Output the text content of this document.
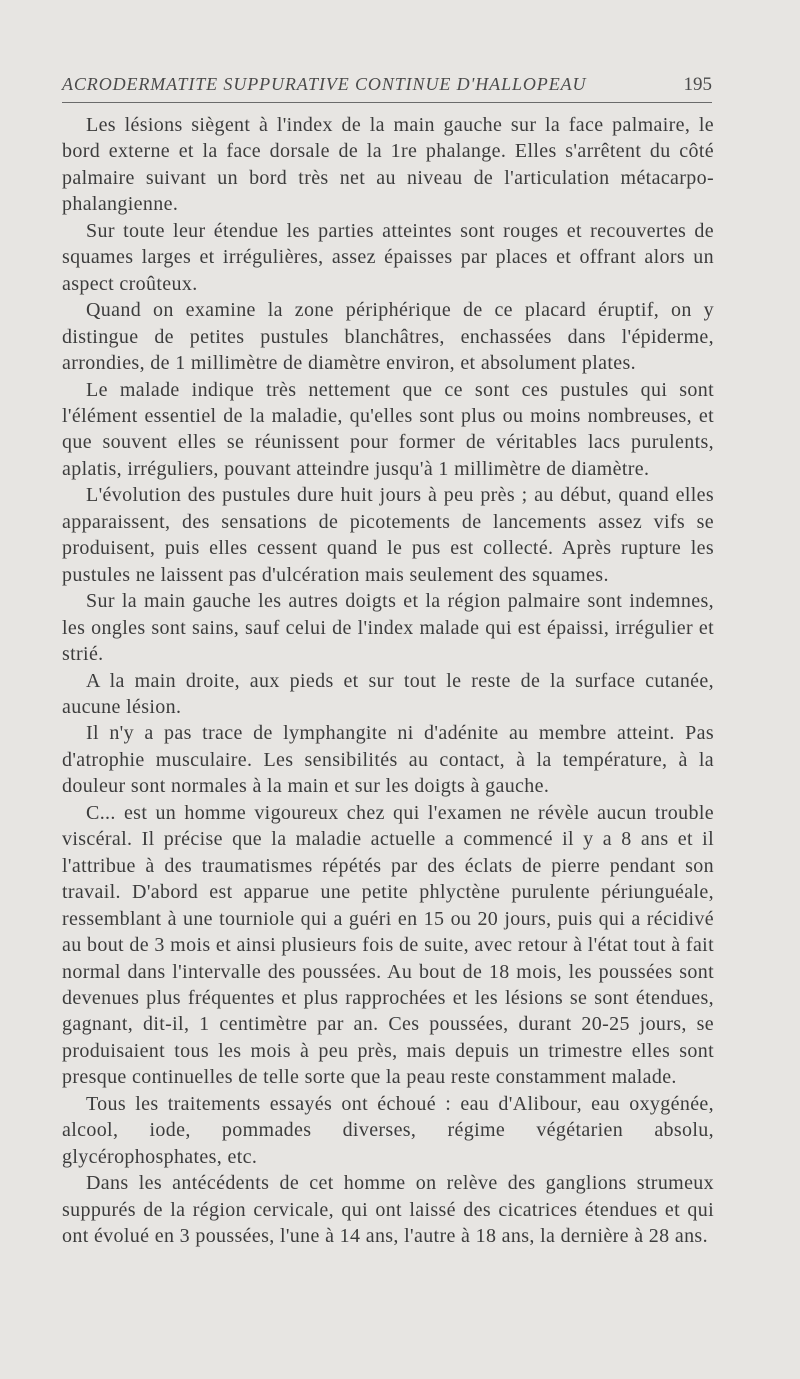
ACRODERMATITE SUPPURATIVE CONTINUE D'HALLOPEAU	195

Les lésions siègent à l'index de la main gauche sur la face palmaire, le bord externe et la face dorsale de la 1re phalange. Elles s'arrêtent du côté palmaire suivant un bord très net au niveau de l'articulation métacarpo-phalangienne.

Sur toute leur étendue les parties atteintes sont rouges et recouvertes de squames larges et irrégulières, assez épaisses par places et offrant alors un aspect croûteux.

Quand on examine la zone périphérique de ce placard éruptif, on y distingue de petites pustules blanchâtres, enchassées dans l'épiderme, arrondies, de 1 millimètre de diamètre environ, et absolument plates.

Le malade indique très nettement que ce sont ces pustules qui sont l'élément essentiel de la maladie, qu'elles sont plus ou moins nombreuses, et que souvent elles se réunissent pour former de véritables lacs purulents, aplatis, irréguliers, pouvant atteindre jusqu'à 1 millimètre de diamètre.

L'évolution des pustules dure huit jours à peu près ; au début, quand elles apparaissent, des sensations de picotements de lancements assez vifs se produisent, puis elles cessent quand le pus est collecté. Après rupture les pustules ne laissent pas d'ulcération mais seulement des squames.

Sur la main gauche les autres doigts et la région palmaire sont indemnes, les ongles sont sains, sauf celui de l'index malade qui est épaissi, irrégulier et strié.

A la main droite, aux pieds et sur tout le reste de la surface cutanée, aucune lésion.

Il n'y a pas trace de lymphangite ni d'adénite au membre atteint. Pas d'atrophie musculaire. Les sensibilités au contact, à la température, à la douleur sont normales à la main et sur les doigts à gauche.

C... est un homme vigoureux chez qui l'examen ne révèle aucun trouble viscéral. Il précise que la maladie actuelle a commencé il y a 8 ans et il l'attribue à des traumatismes répétés par des éclats de pierre pendant son travail. D'abord est apparue une petite phlyctène purulente périunguéale, ressemblant à une tourniole qui a guéri en 15 ou 20 jours, puis qui a récidivé au bout de 3 mois et ainsi plusieurs fois de suite, avec retour à l'état tout à fait normal dans l'intervalle des poussées. Au bout de 18 mois, les poussées sont devenues plus fréquentes et plus rapprochées et les lésions se sont étendues, gagnant, dit-il, 1 centimètre par an. Ces poussées, durant 20-25 jours, se produisaient tous les mois à peu près, mais depuis un trimestre elles sont presque continuelles de telle sorte que la peau reste constamment malade.

Tous les traitements essayés ont échoué : eau d'Alibour, eau oxygénée, alcool, iode, pommades diverses, régime végétarien absolu, glycérophosphates, etc.

Dans les antécédents de cet homme on relève des ganglions strumeux suppurés de la région cervicale, qui ont laissé des cicatrices étendues et qui ont évolué en 3 poussées, l'une à 14 ans, l'autre à 18 ans, la dernière à 28 ans.
